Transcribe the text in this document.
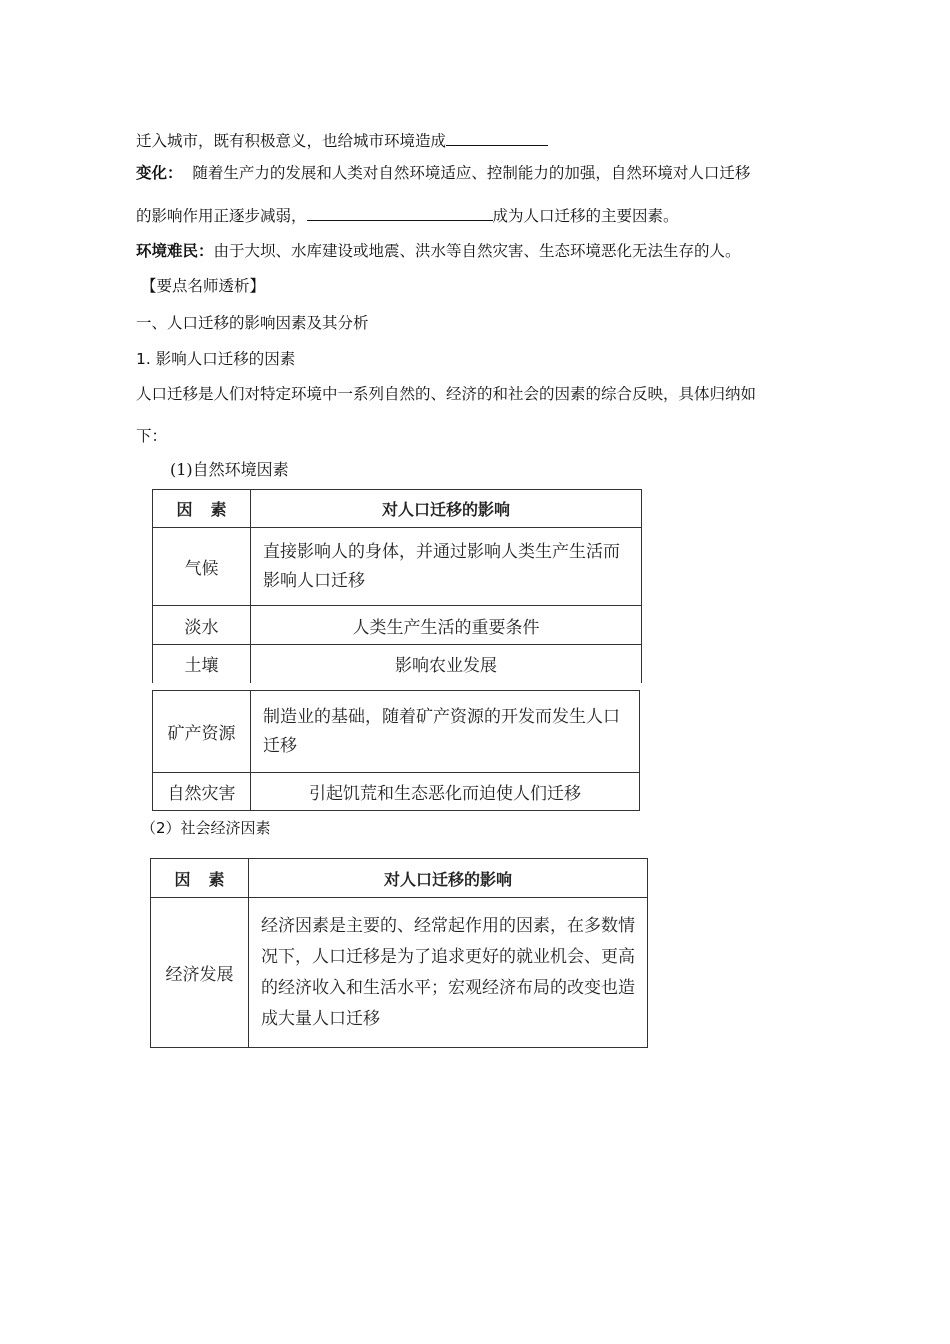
迁入城市，既有积极意义，也给城市环境造成
变化： 随着生产力的发展和人类对自然环境适应、控制能力的加强，自然环境对人口迁移
的影响作用正逐步减弱，	成为人口迁移的主要因素。
环境难民：由于大坝、水库建设或地震、洪水等自然灾害、生态环境恶化无法生存的人。
【要点名师透析】
一、人口迁移的影响因素及其分析
1. 影响人口迁移的因素
人口迁移是人们对特定环境中一系列自然的、经济的和社会的因素的综合反映，具体归纳如
下：
(1)自然环境因素
因素	对人口迁移的影响
气候	直接影响人的身体，并通过影响人类生产生活而影响人口迁移
淡水	人类生产生活的重要条件
土壤	影响农业发展
矿产资源	制造业的基础，随着矿产资源的开发而发生人口迁移
自然灾害	引起饥荒和生态恶化而迫使人们迁移
（2）社会经济因素
因素	对人口迁移的影响
经济发展	经济因素是主要的、经常起作用的因素，在多数情况下，人口迁移是为了追求更好的就业机会、更高的经济收入和生活水平；宏观经济布局的改变也造成大量人口迁移
